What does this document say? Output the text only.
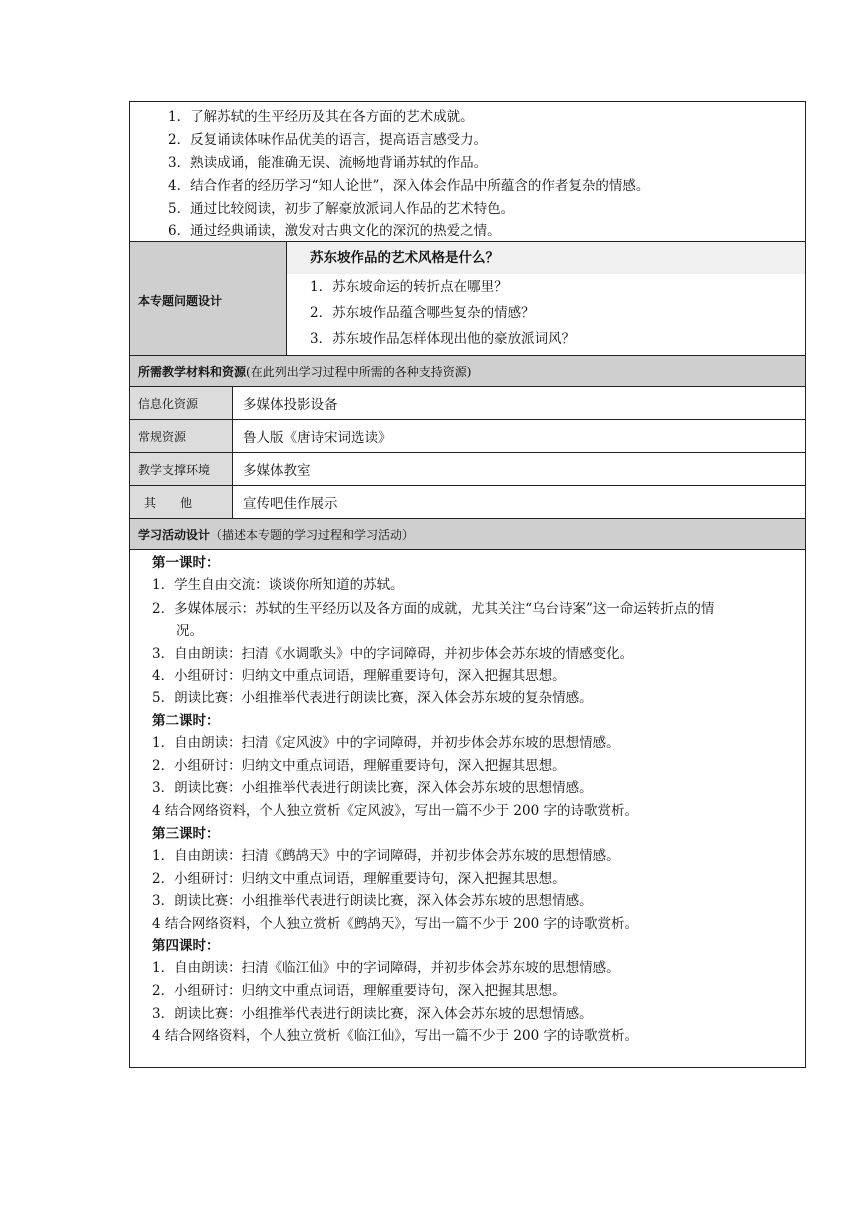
1．了解苏轼的生平经历及其在各方面的艺术成就。
2．反复诵读体味作品优美的语言，提高语言感受力。
3．熟读成诵，能准确无误、流畅地背诵苏轼的作品。
4．结合作者的经历学习“知人论世”，深入体会作品中所蕴含的作者复杂的情感。
5．通过比较阅读，初步了解豪放派词人作品的艺术特色。
6．通过经典诵读，激发对古典文化的深沉的热爱之情。
本专题问题设计
苏东坡作品的艺术风格是什么？
1．苏东坡命运的转折点在哪里？
2．苏东坡作品蕴含哪些复杂的情感？
3．苏东坡作品怎样体现出他的豪放派词风？
所需教学材料和资源 (在此列出学习过程中所需的各种支持资源)
信息化资源	多媒体投影设备
常规资源	鲁人版《唐诗宋词选读》
教学支撑环境	多媒体教室
其　　他	宣传吧佳作展示
学习活动设计 （描述本专题的学习过程和学习活动）
第一课时：
1．学生自由交流：谈谈你所知道的苏轼。
2．多媒体展示：苏轼的生平经历以及各方面的成就，尤其关注“乌台诗案”这一命运转折点的情
况。
3．自由朗读：扫清《水调歌头》中的字词障碍，并初步体会苏东坡的情感变化。
4．小组研讨：归纳文中重点词语，理解重要诗句，深入把握其思想。
5．朗读比赛：小组推举代表进行朗读比赛，深入体会苏东坡的复杂情感。
第二课时：
1．自由朗读：扫清《定风波》中的字词障碍，并初步体会苏东坡的思想情感。
2．小组研讨：归纳文中重点词语，理解重要诗句，深入把握其思想。
3．朗读比赛：小组推举代表进行朗读比赛，深入体会苏东坡的思想情感。
4 结合网络资料，个人独立赏析《定风波》，写出一篇不少于 200 字的诗歌赏析。
第三课时：
1．自由朗读：扫清《鹧鸪天》中的字词障碍，并初步体会苏东坡的思想情感。
2．小组研讨：归纳文中重点词语，理解重要诗句，深入把握其思想。
3．朗读比赛：小组推举代表进行朗读比赛，深入体会苏东坡的思想情感。
4 结合网络资料，个人独立赏析《鹧鸪天》，写出一篇不少于 200 字的诗歌赏析。
第四课时：
1．自由朗读：扫清《临江仙》中的字词障碍，并初步体会苏东坡的思想情感。
2．小组研讨：归纳文中重点词语，理解重要诗句，深入把握其思想。
3．朗读比赛：小组推举代表进行朗读比赛，深入体会苏东坡的思想情感。
4 结合网络资料，个人独立赏析《临江仙》，写出一篇不少于 200 字的诗歌赏析。
